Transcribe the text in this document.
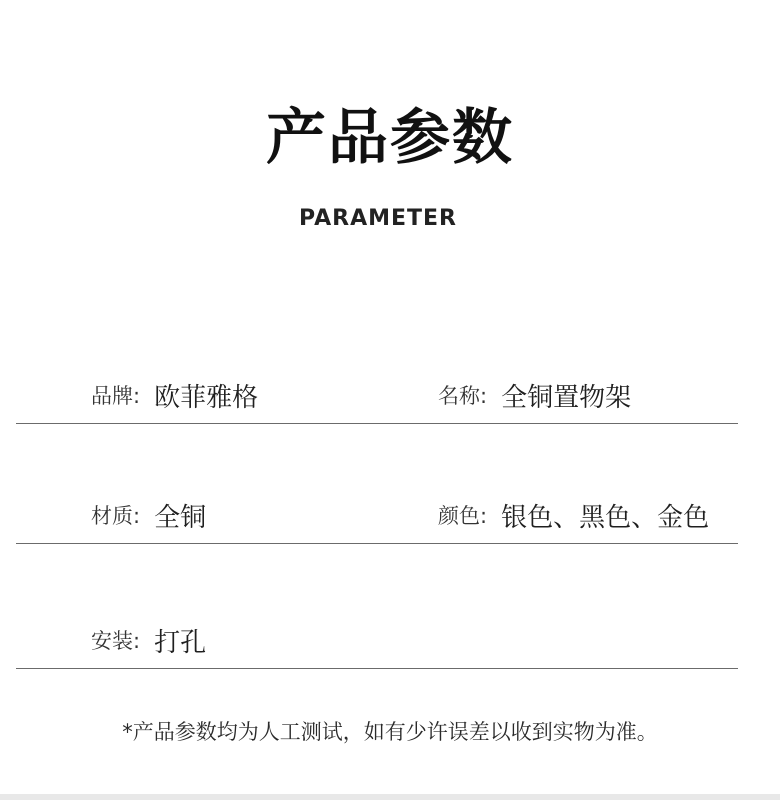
产品参数
PARAMETER
品牌: 欧菲雅格	名称: 全铜置物架
材质: 全铜	颜色: 银色、黑色、金色
安装: 打孔
*产品参数均为人工测试，如有少许误差以收到实物为准。
